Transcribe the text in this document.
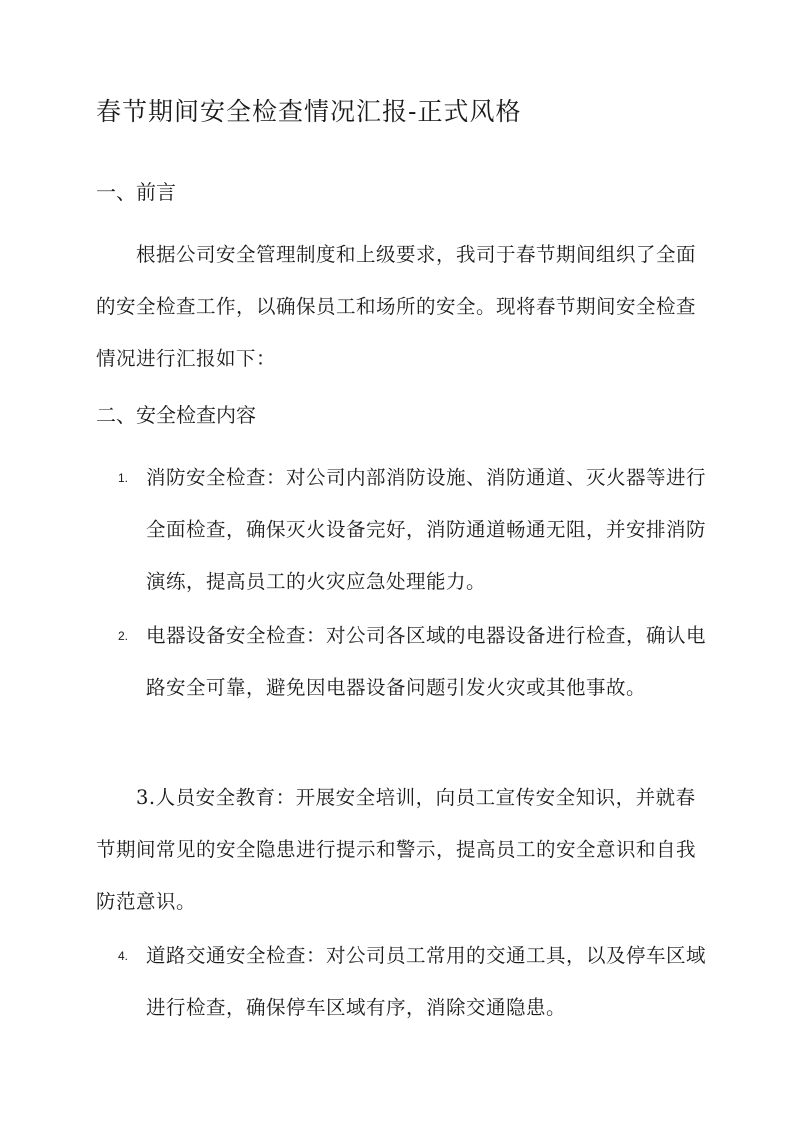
春节期间安全检查情况汇报-正式风格
一、前言

根据公司安全管理制度和上级要求，我司于春节期间组织了全面的安全检查工作，以确保员工和场所的安全。现将春节期间安全检查情况进行汇报如下：

二、安全检查内容
1. 消防安全检查：对公司内部消防设施、消防通道、灭火器等进行全面检查，确保灭火设备完好，消防通道畅通无阻，并安排消防演练，提高员工的火灾应急处理能力。
2. 电器设备安全检查：对公司各区域的电器设备进行检查，确认电路安全可靠，避免因电器设备问题引发火灾或其他事故。

3.人员安全教育：开展安全培训，向员工宣传安全知识，并就春节期间常见的安全隐患进行提示和警示，提高员工的安全意识和自我防范意识。

4. 道路交通安全检查：对公司员工常用的交通工具，以及停车区域进行检查，确保停车区域有序，消除交通隐患。
